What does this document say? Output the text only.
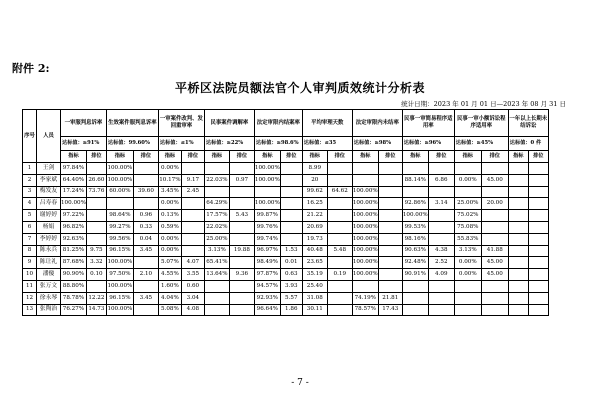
附件 2:
平桥区法院员额法官个人审判质效统计分析表
统计日期：2023 年 01 月 01 日—2023 年 08 月 31 日
序号	人员	一审服判息诉率		生效案件服判息诉率		一审案件改判、发回重审率		民事案件调解率		法定审限内结案率		平均审理天数		法定审限内未结率		民事一审简易程序适用率		民事一审小额诉讼程序适用率		一年以上长期未结诉讼	
		达标值：≥91%		达标值：99.60%		达标值：≤1%		达标值：≥22%		达标值：≥98.6%		达标值：≤35		达标值：≥98%		达标值：≥96%		达标值：≥45%		达标值：0 件	
		指标	排位	指标	排位	指标	排位	指标	排位	指标	排位	指标	排位	指标	排位	指标	排位	指标	排位	指标	排位
1	王剑	97.84%		100.00%		0.00%				100.00%		8.99									
2	李家斌	64.40%	26.60	100.00%		10.17%	9.17	22.03%	0.97	100.00%		20				88.14%	6.86	0.00%	45.00		
3	梅发友	17.24%	73.76	60.00%	39.60	3.45%	2.45					99.62	64.62	100.00%							
4	吕寿春	100.00%				0.00%		64.29%		100.00%		16.25		100.00%		92.86%	3.14	25.00%	20.00		
5	谢婷婷	97.22%		98.64%	0.96	0.13%		17.57%	5.43	99.87%		21.22		100.00%		100.00%		75.02%			
6	杨娟	96.82%		99.27%	0.33	0.59%		22.02%		99.76%		20.69		100.00%		99.53%		75.08%			
7	李婷婷	92.63%		99.56%	0.04	0.00%		25.00%		99.74%		19.73		100.00%		98.16%		55.83%			
8	陈永兵	81.25%	9.75	96.15%	3.45	0.00%		3.13%	19.88	96.97%	1.53	40.48	5.48	100.00%		90.63%	4.38	3.13%	41.88		
9	陈让礼	87.68%	3.32	100.00%		5.07%	4.07	65.41%		98.49%	0.01	23.65		100.00%		92.48%	2.52	0.00%	45.00		
10	潘傻	90.90%	0.10	97.50%	2.10	4.55%	3.55	13.64%	9.36	97.87%	0.63	35.19	0.19	100.00%		90.91%	4.09	0.00%	45.00		
11	张万文	88.80%		100.00%		1.60%	0.60			94.57%	3.93	25.40									
12	徐永琴	78.78%	12.22	96.15%	3.45	4.04%	3.04			92.93%	5.57	31.08		74.19%	21.81						
13	张陶治	76.27%	14.73	100.00%		5.08%	4.08			96.64%	1.86	30.11		78.57%	17.43						
- 7 -
